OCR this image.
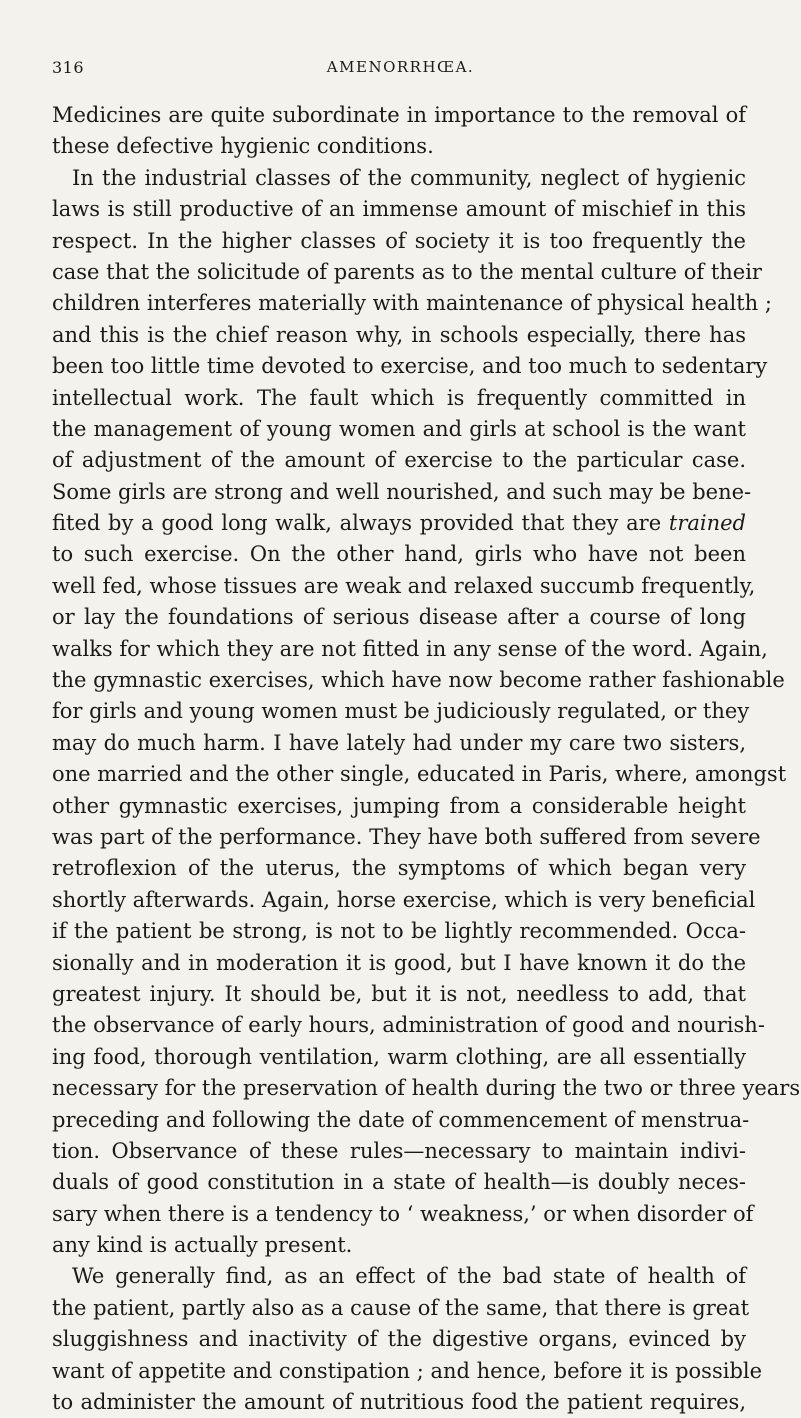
316	AMENORRHŒA.
Medicines are quite subordinate in importance to the removal of
these defective hygienic conditions.
In the industrial classes of the community, neglect of hygienic
laws is still productive of an immense amount of mischief in this
respect. In the higher classes of society it is too frequently the
case that the solicitude of parents as to the mental culture of their
children interferes materially with maintenance of physical health ;
and this is the chief reason why, in schools especially, there has
been too little time devoted to exercise, and too much to sedentary
intellectual work. The fault which is frequently committed in
the management of young women and girls at school is the want
of adjustment of the amount of exercise to the particular case.
Some girls are strong and well nourished, and such may be bene-
fited by a good long walk, always provided that they are trained
to such exercise. On the other hand, girls who have not been
well fed, whose tissues are weak and relaxed succumb frequently,
or lay the foundations of serious disease after a course of long
walks for which they are not fitted in any sense of the word. Again,
the gymnastic exercises, which have now become rather fashionable
for girls and young women must be judiciously regulated, or they
may do much harm. I have lately had under my care two sisters,
one married and the other single, educated in Paris, where, amongst
other gymnastic exercises, jumping from a considerable height
was part of the performance. They have both suffered from severe
retroflexion of the uterus, the symptoms of which began very
shortly afterwards. Again, horse exercise, which is very beneficial
if the patient be strong, is not to be lightly recommended. Occa-
sionally and in moderation it is good, but I have known it do the
greatest injury. It should be, but it is not, needless to add, that
the observance of early hours, administration of good and nourish-
ing food, thorough ventilation, warm clothing, are all essentially
necessary for the preservation of health during the two or three years
preceding and following the date of commencement of menstrua-
tion. Observance of these rules—necessary to maintain indivi-
duals of good constitution in a state of health—is doubly neces-
sary when there is a tendency to ‘ weakness,’ or when disorder of
any kind is actually present.
We generally find, as an effect of the bad state of health of
the patient, partly also as a cause of the same, that there is great
sluggishness and inactivity of the digestive organs, evinced by
want of appetite and constipation ; and hence, before it is possible
to administer the amount of nutritious food the patient requires,
